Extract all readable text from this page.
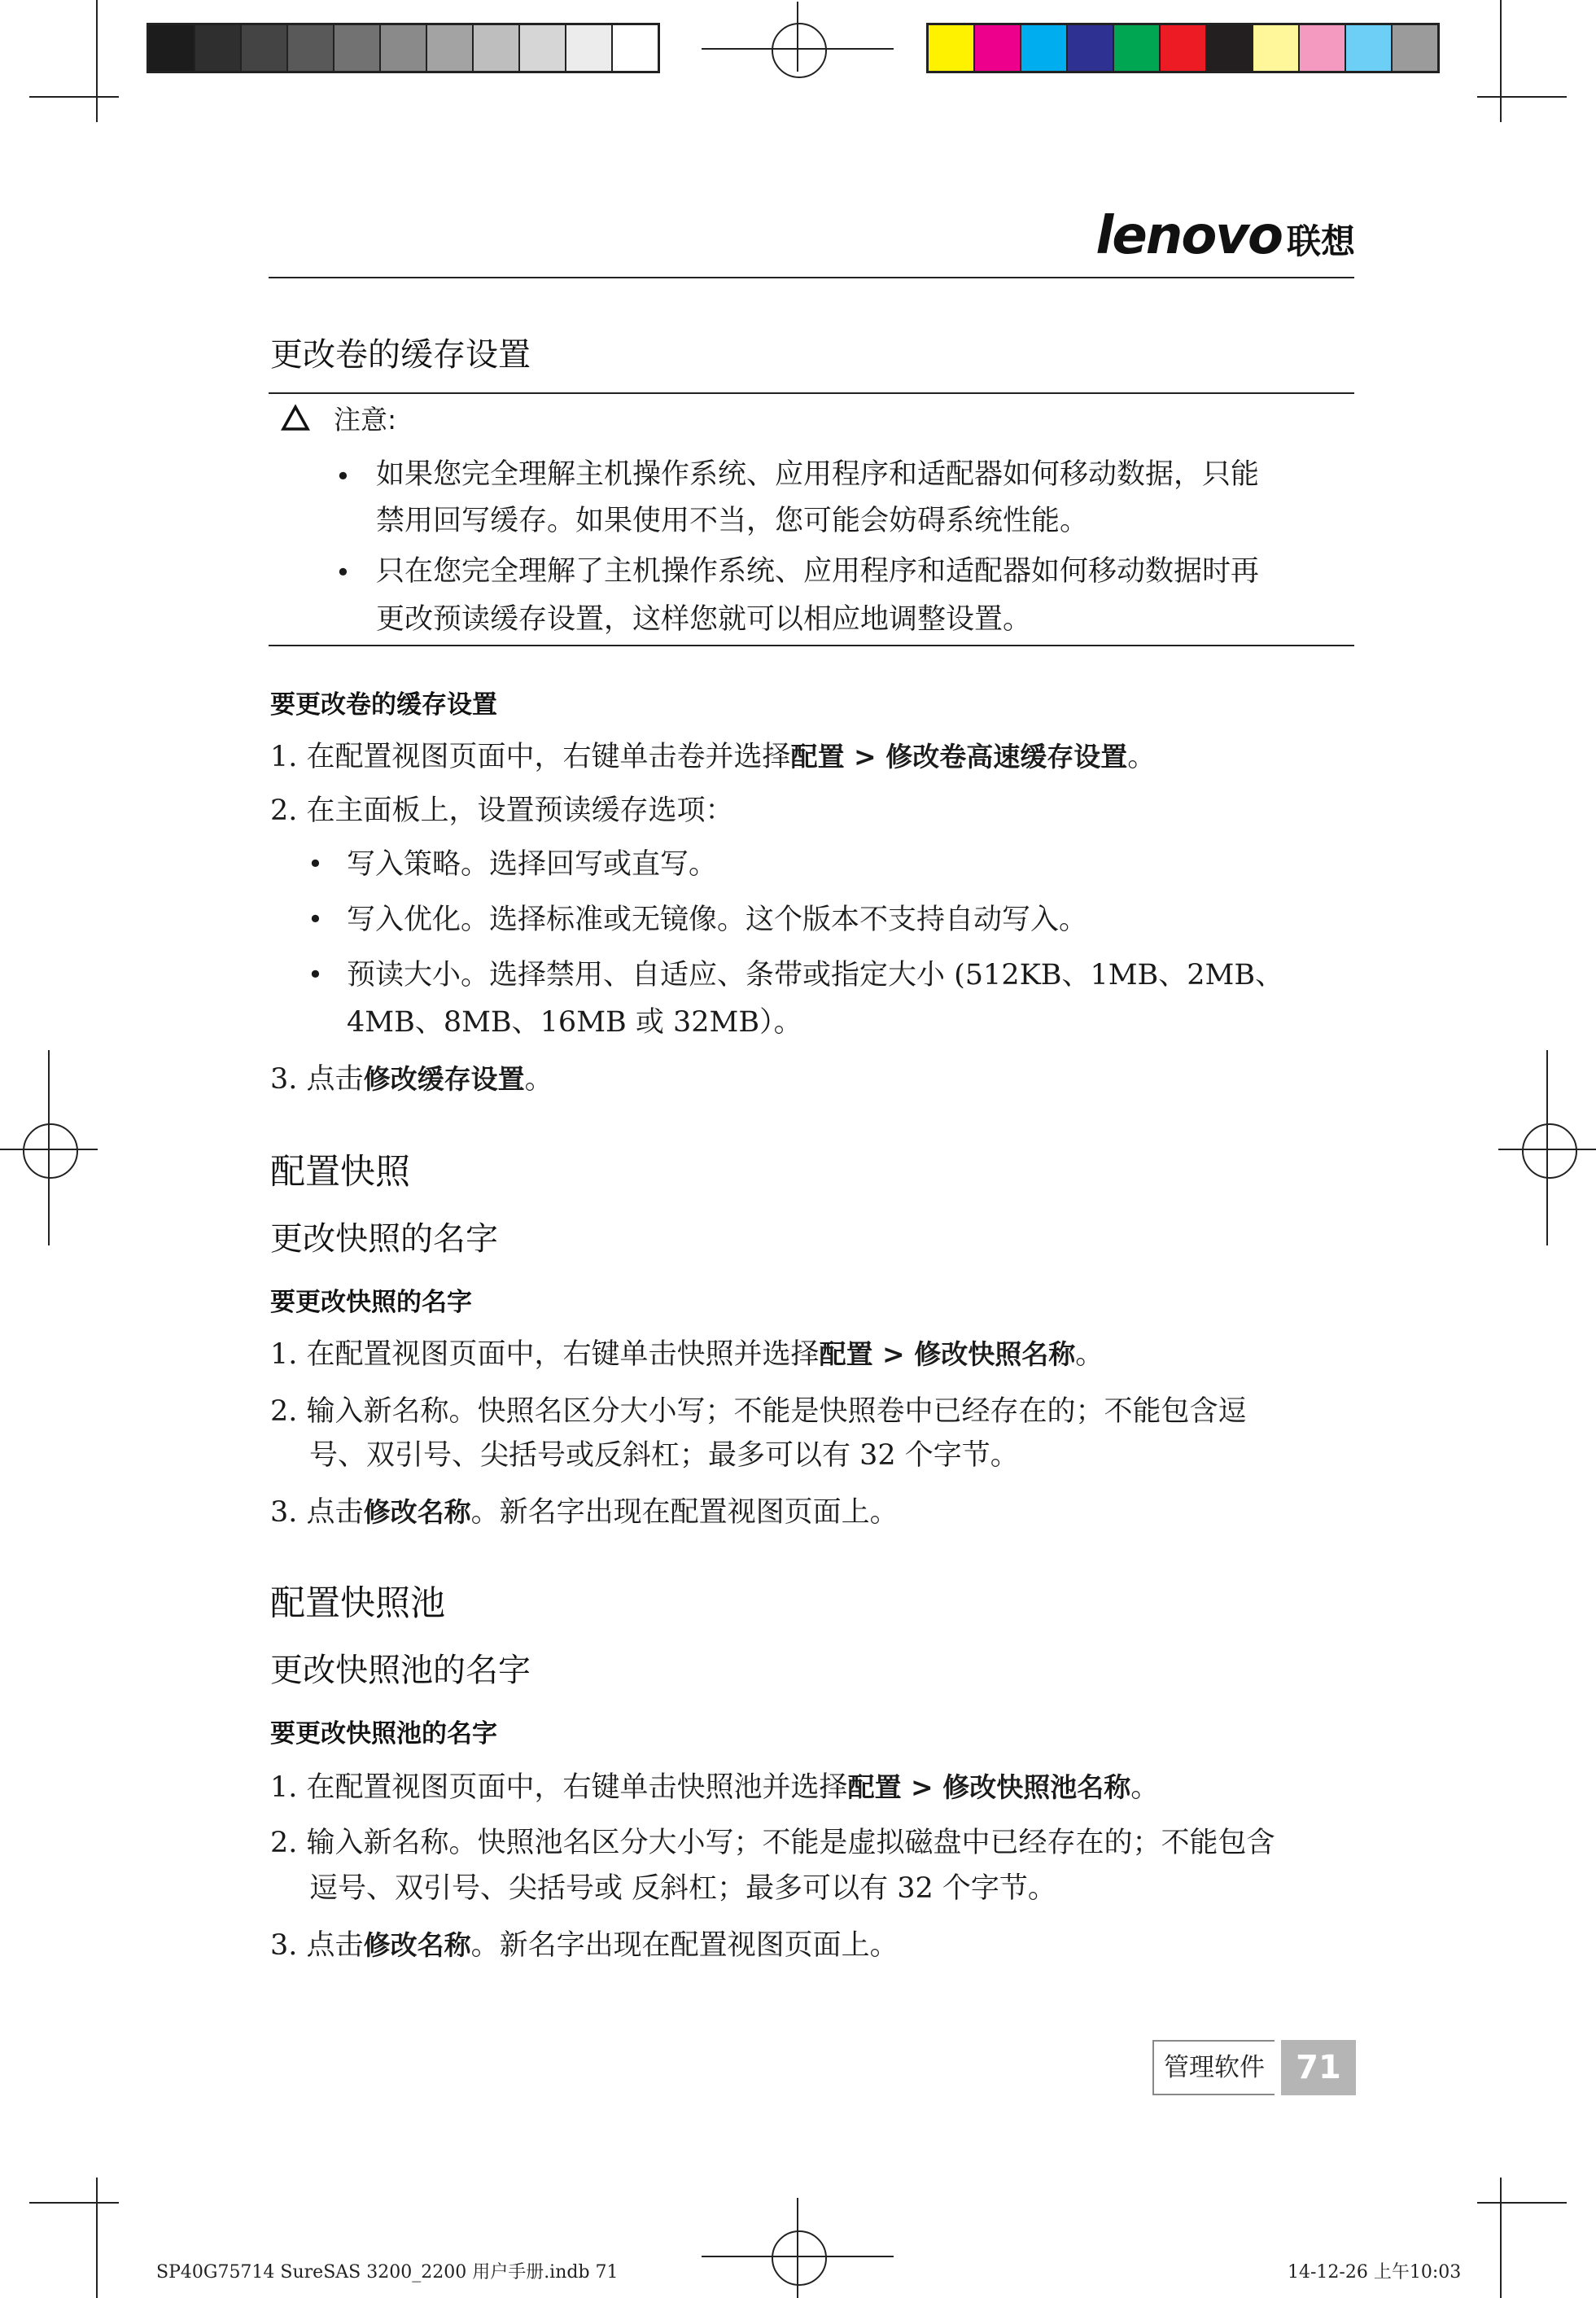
lenovo 联想
更改卷的缓存设置
注意:
• 如果您完全理解主机操作系统、应用程序和适配器如何移动数据，只能
禁用回写缓存。如果使用不当，您可能会妨碍系统性能。
• 只在您完全理解了主机操作系统、应用程序和适配器如何移动数据时再
更改预读缓存设置，这样您就可以相应地调整设置。
要更改卷的缓存设置
1. 在配置视图页面中，右键单击卷并选择配置 > 修改卷高速缓存设置。
2. 在主面板上，设置预读缓存选项：
• 写入策略。选择回写或直写。
• 写入优化。选择标准或无镜像。这个版本不支持自动写入。
• 预读大小。选择禁用、自适应、条带或指定大小 (512KB、1MB、2MB、
4MB、8MB、16MB 或 32MB）。
3. 点击修改缓存设置。
配置快照
更改快照的名字
要更改快照的名字
1. 在配置视图页面中，右键单击快照并选择配置 > 修改快照名称。
2. 输入新名称。快照名区分大小写；不能是快照卷中已经存在的；不能包含逗
号、双引号、尖括号或反斜杠；最多可以有 32 个字节。
3. 点击修改名称。新名字出现在配置视图页面上。
配置快照池
更改快照池的名字
要更改快照池的名字
1. 在配置视图页面中，右键单击快照池并选择配置 > 修改快照池名称。
2. 输入新名称。快照池名区分大小写；不能是虚拟磁盘中已经存在的；不能包含
逗号、双引号、尖括号或 反斜杠；最多可以有 32 个字节。
3. 点击修改名称。新名字出现在配置视图页面上。
管理软件 71
SP40G75714 SureSAS 3200_2200 用户手册.indb 71	14-12-26 上午10:03
